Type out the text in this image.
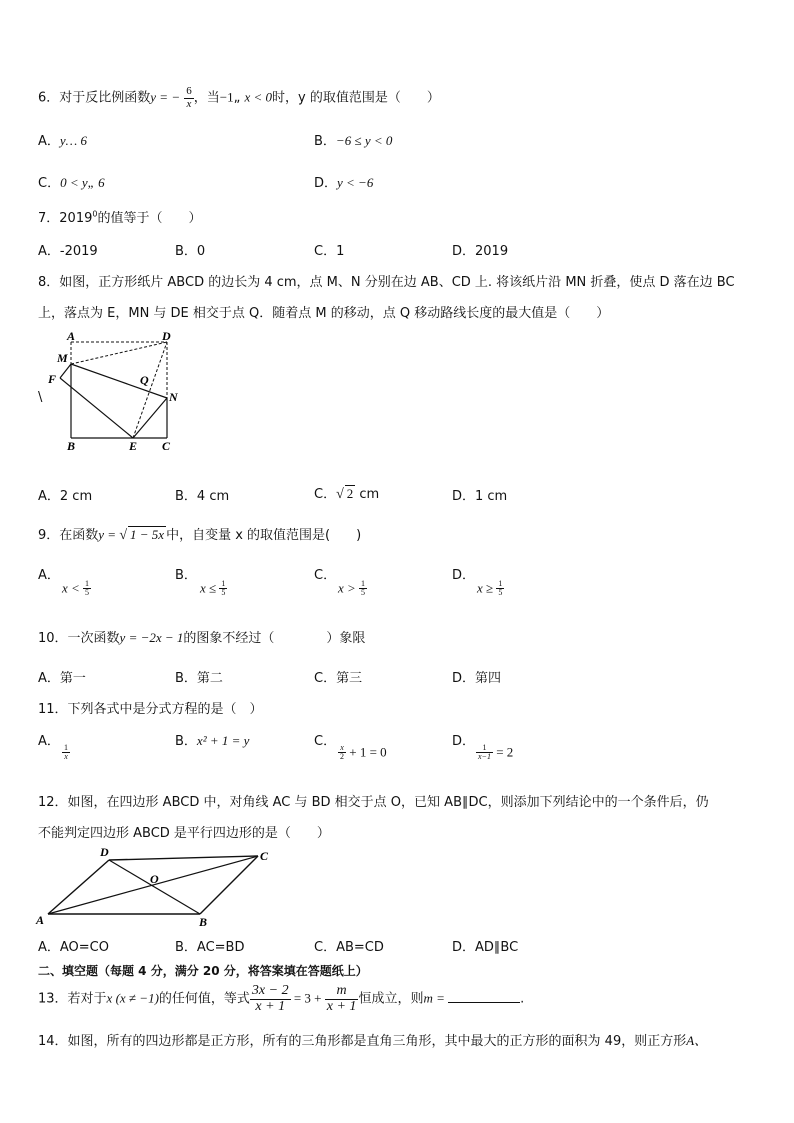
6．对于反比例函数y = − $\frac{6}{x}$ ，当−1„ x < 0时，y 的取值范围是（　　）
A．y… 6	B．−6 ≤ y < 0
C．0 < y„ 6	D．y < −6
7．2019$^0$的值等于（　　）
A．-2019	B．0	C．1	D．2019
8．如图，正方形纸片 ABCD 的边长为 4 cm，点 M、N 分别在边 AB、CD 上. 将该纸片沿 MN 折叠，使点 D 落在边 BC
上，落点为 E，MN 与 DE 相交于点 Q．随着点 M 的移动，点 Q 移动路线长度的最大值是（　　）
A	D
M
F	Q
N
B	E C
\
A．2 cm	B．4 cm	C．√ 2 cm	D．1 cm
9．在函数y = √ 1 − 5x 中，自变量 x 的取值范围是(　　)
A．
$x < \frac{1}{5}$
B．
$x \le \frac{1}{5}$
C．
$x > \frac{1}{5}$
D．
$x \ge \frac{1}{5}$
10．一次函数y = −2x − 1的图象不经过（　　　　）象限
A．第一	B．第二	C．第三	D．第四
11．下列各式中是分式方程的是（　）
A．
$\frac{1}{x}$
B．x² + 1 = y	C．
$\frac{x}{2} + 1 = 0$
D．
$\frac{1}{x-1} = 2$
12．如图，在四边形 ABCD 中，对角线 AC 与 BD 相交于点 O，已知 AB∥DC，则添加下列结论中的一个条件后，仍
不能判定四边形 ABCD 是平行四边形的是（　　）
D	C
O
A	B
A．AO=CO	B．AC=BD	C．AB=CD	D．AD∥BC
二、填空题（每题 4 分，满分 20 分，将答案填在答题纸上）
13．若对于x (x ≠ −1)的任何值，等式 $\frac{3x - 2}{x + 1} = 3 + \frac{m}{x + 1}$ 恒成立，则m =	.
14．如图，所有的四边形都是正方形，所有的三角形都是直角三角形，其中最大的正方形的面积为 49，则正方形A、
